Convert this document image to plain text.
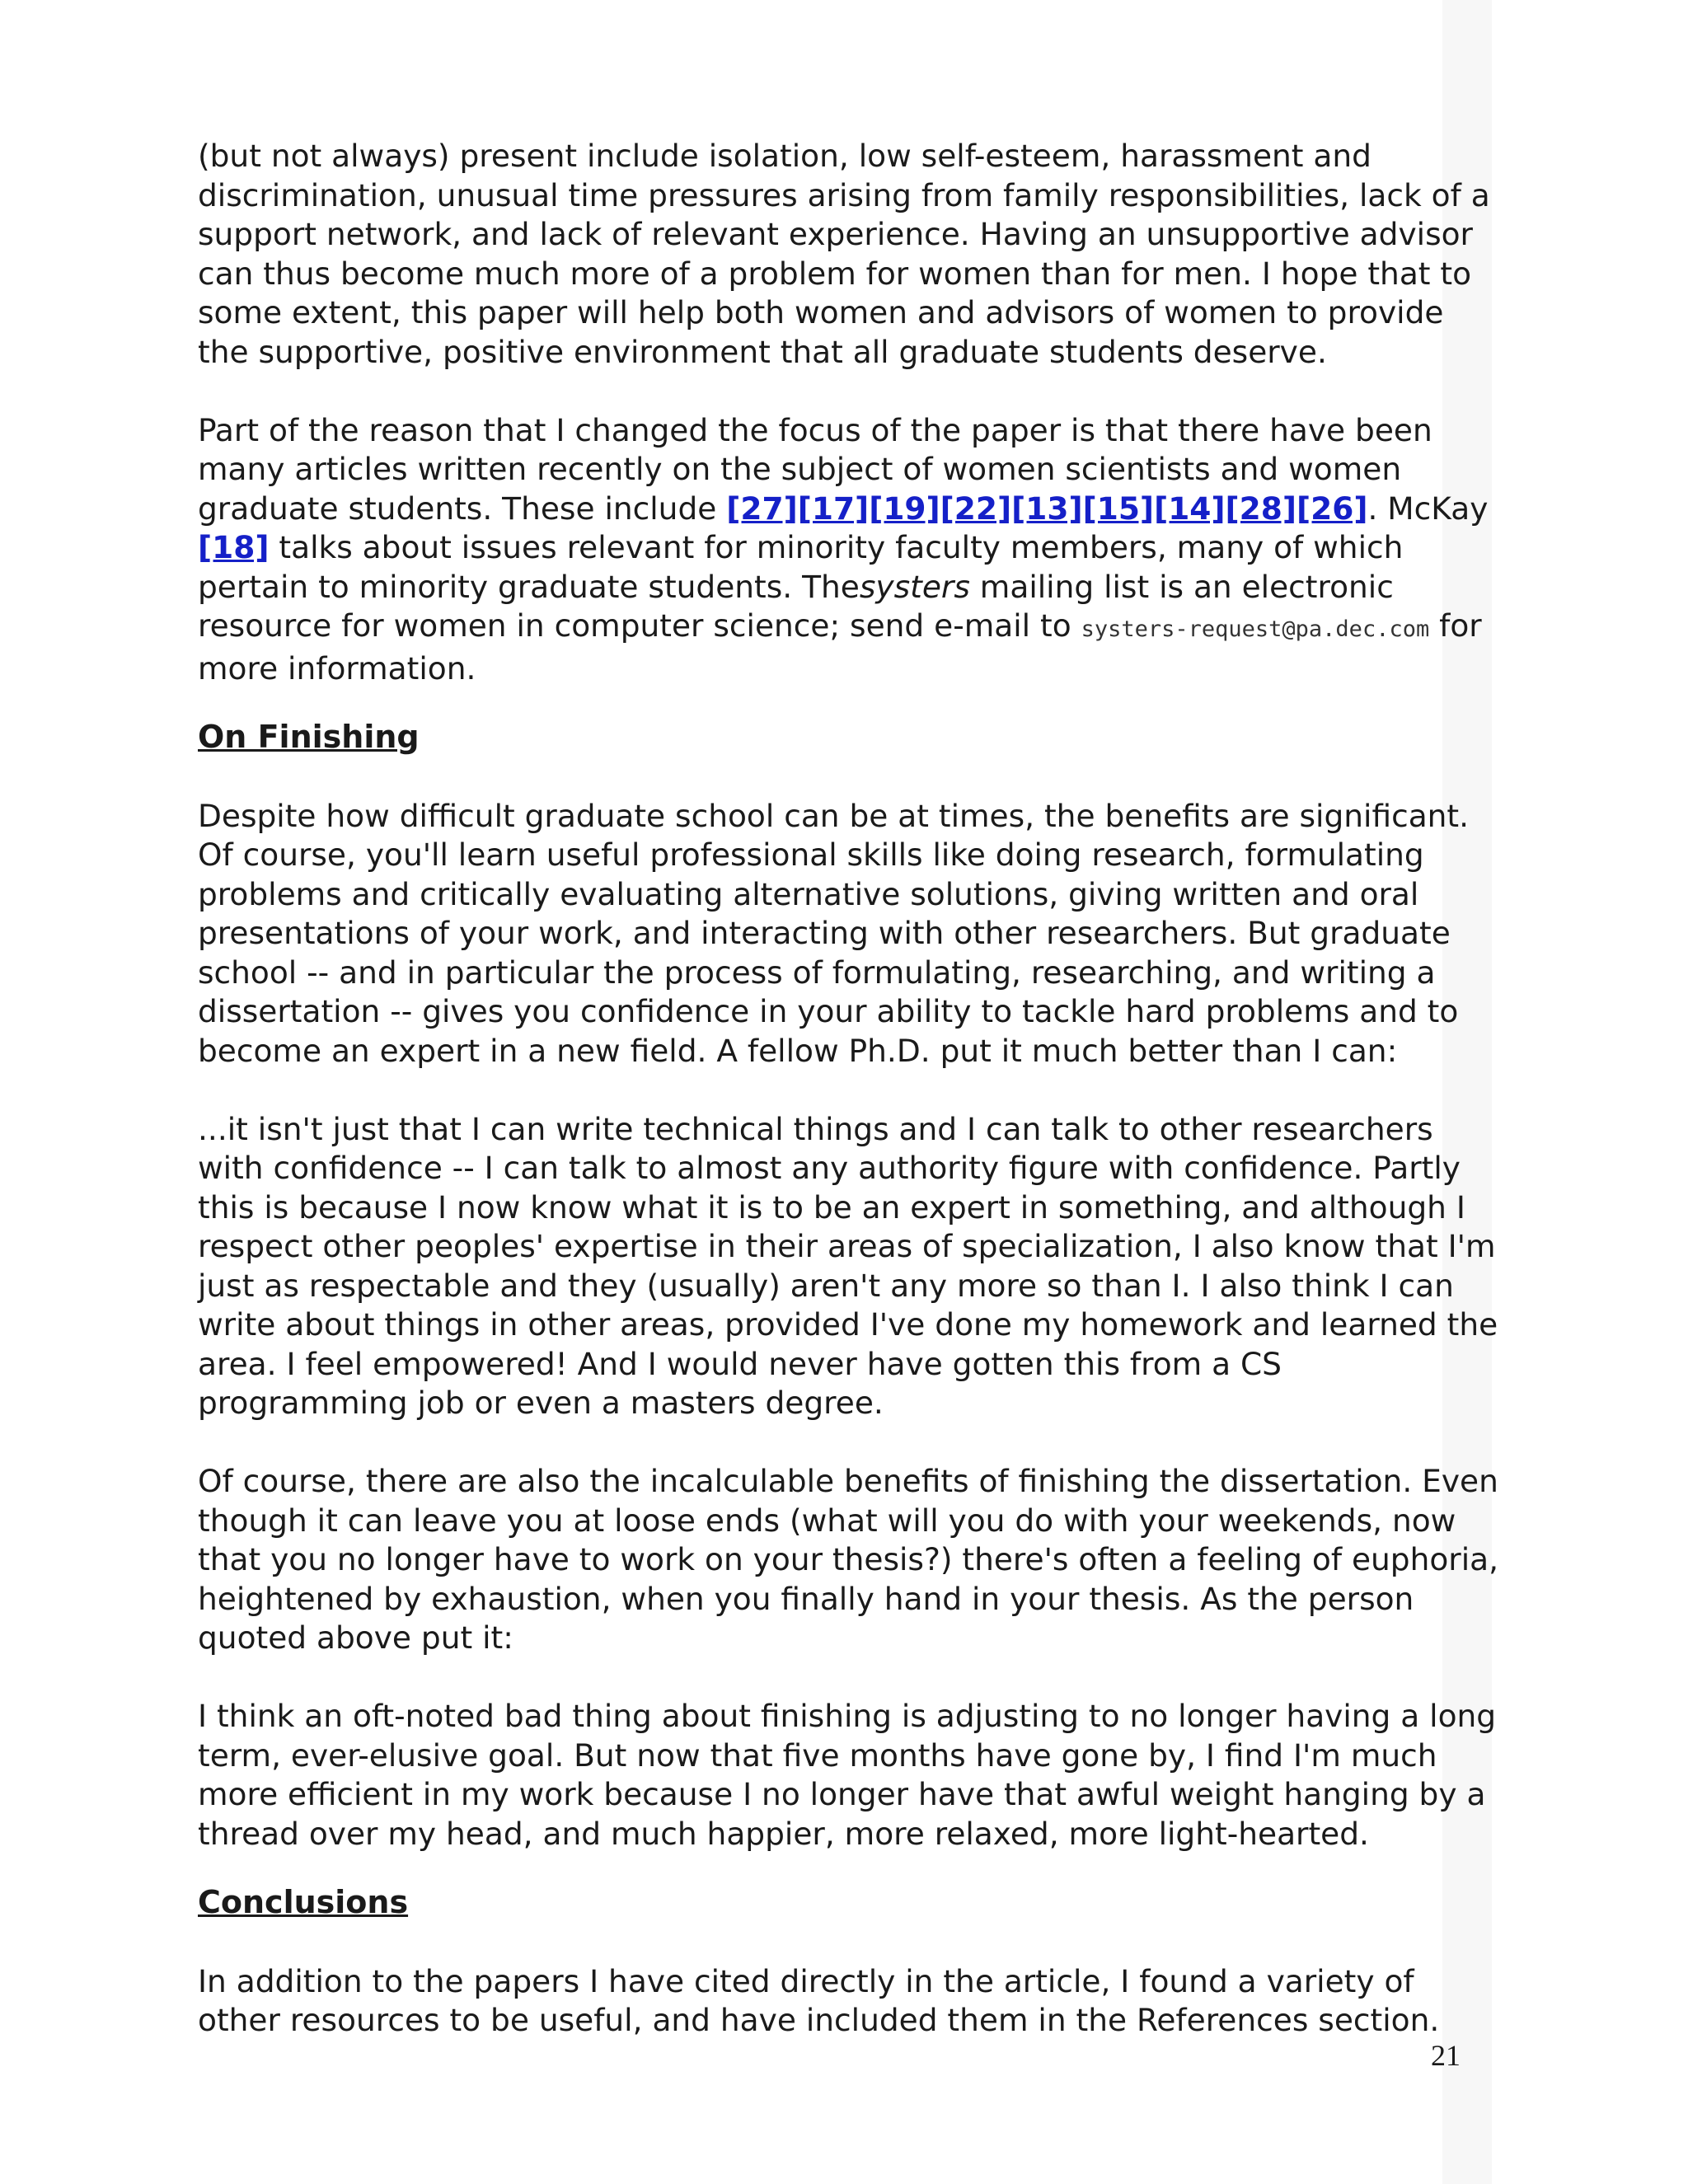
(but not always) present include isolation, low self-esteem, harassment and discrimination, unusual time pressures arising from family responsibilities, lack of a support network, and lack of relevant experience. Having an unsupportive advisor can thus become much more of a problem for women than for men. I hope that to some extent, this paper will help both women and advisors of women to provide the supportive, positive environment that all graduate students deserve.

Part of the reason that I changed the focus of the paper is that there have been many articles written recently on the subject of women scientists and women graduate students. These include [27][17][19][22][13][15][14][28][26]. McKay [18] talks about issues relevant for minority faculty members, many of which pertain to minority graduate students. Thesysters mailing list is an electronic resource for women in computer science; send e-mail to systers-request@pa.dec.com for more information.

On Finishing

Despite how difficult graduate school can be at times, the benefits are significant. Of course, you'll learn useful professional skills like doing research, formulating problems and critically evaluating alternative solutions, giving written and oral presentations of your work, and interacting with other researchers. But graduate school -- and in particular the process of formulating, researching, and writing a dissertation -- gives you confidence in your ability to tackle hard problems and to become an expert in a new field. A fellow Ph.D. put it much better than I can:

...it isn't just that I can write technical things and I can talk to other researchers with confidence -- I can talk to almost any authority figure with confidence. Partly this is because I now know what it is to be an expert in something, and although I respect other peoples' expertise in their areas of specialization, I also know that I'm just as respectable and they (usually) aren't any more so than I. I also think I can write about things in other areas, provided I've done my homework and learned the area. I feel empowered! And I would never have gotten this from a CS programming job or even a masters degree.

Of course, there are also the incalculable benefits of finishing the dissertation. Even though it can leave you at loose ends (what will you do with your weekends, now that you no longer have to work on your thesis?) there's often a feeling of euphoria, heightened by exhaustion, when you finally hand in your thesis. As the person quoted above put it:

I think an oft-noted bad thing about finishing is adjusting to no longer having a long term, ever-elusive goal. But now that five months have gone by, I find I'm much more efficient in my work because I no longer have that awful weight hanging by a thread over my head, and much happier, more relaxed, more light-hearted.

Conclusions

In addition to the papers I have cited directly in the article, I found a variety of other resources to be useful, and have included them in the References section.

21
